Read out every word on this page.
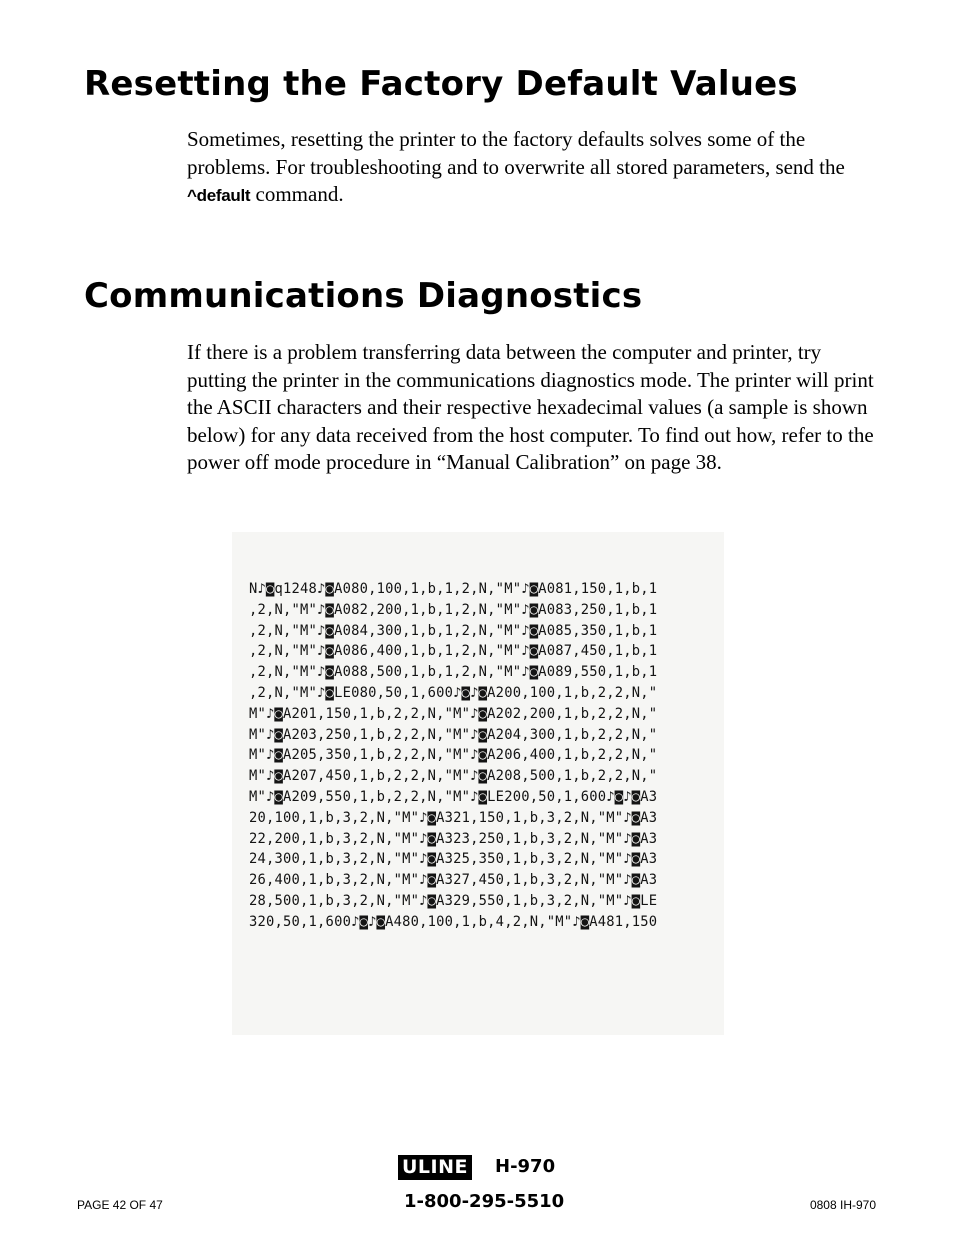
Resetting the Factory Default Values

Sometimes, resetting the printer to the factory defaults solves some of the problems. For troubleshooting and to overwrite all stored parameters, send the ^default command.

Communications Diagnostics

If there is a problem transferring data between the computer and printer, try putting the printer in the communications diagnostics mode. The printer will print the ASCII characters and their respective hexadecimal values (a sample is shown below) for any data received from the host computer. To find out how, refer to the power off mode procedure in “Manual Calibration” on page 38.

N♪◙q1248♪◙A080,100,1,b,1,2,N,"M"♪◙A081,150,1,b,1
,2,N,"M"♪◙A082,200,1,b,1,2,N,"M"♪◙A083,250,1,b,1
,2,N,"M"♪◙A084,300,1,b,1,2,N,"M"♪◙A085,350,1,b,1
,2,N,"M"♪◙A086,400,1,b,1,2,N,"M"♪◙A087,450,1,b,1
,2,N,"M"♪◙A088,500,1,b,1,2,N,"M"♪◙A089,550,1,b,1
,2,N,"M"♪◙LE080,50,1,600♪◙♪◙A200,100,1,b,2,2,N,"
M"♪◙A201,150,1,b,2,2,N,"M"♪◙A202,200,1,b,2,2,N,"
M"♪◙A203,250,1,b,2,2,N,"M"♪◙A204,300,1,b,2,2,N,"
M"♪◙A205,350,1,b,2,2,N,"M"♪◙A206,400,1,b,2,2,N,"
M"♪◙A207,450,1,b,2,2,N,"M"♪◙A208,500,1,b,2,2,N,"
M"♪◙A209,550,1,b,2,2,N,"M"♪◙LE200,50,1,600♪◙♪◙A3
20,100,1,b,3,2,N,"M"♪◙A321,150,1,b,3,2,N,"M"♪◙A3
22,200,1,b,3,2,N,"M"♪◙A323,250,1,b,3,2,N,"M"♪◙A3
24,300,1,b,3,2,N,"M"♪◙A325,350,1,b,3,2,N,"M"♪◙A3
26,400,1,b,3,2,N,"M"♪◙A327,450,1,b,3,2,N,"M"♪◙A3
28,500,1,b,3,2,N,"M"♪◙A329,550,1,b,3,2,N,"M"♪◙LE
320,50,1,600♪◙♪◙A480,100,1,b,4,2,N,"M"♪◙A481,150
ULINE H-970
1-800-295-5510
PAGE 42 OF 47	0808 IH-970
